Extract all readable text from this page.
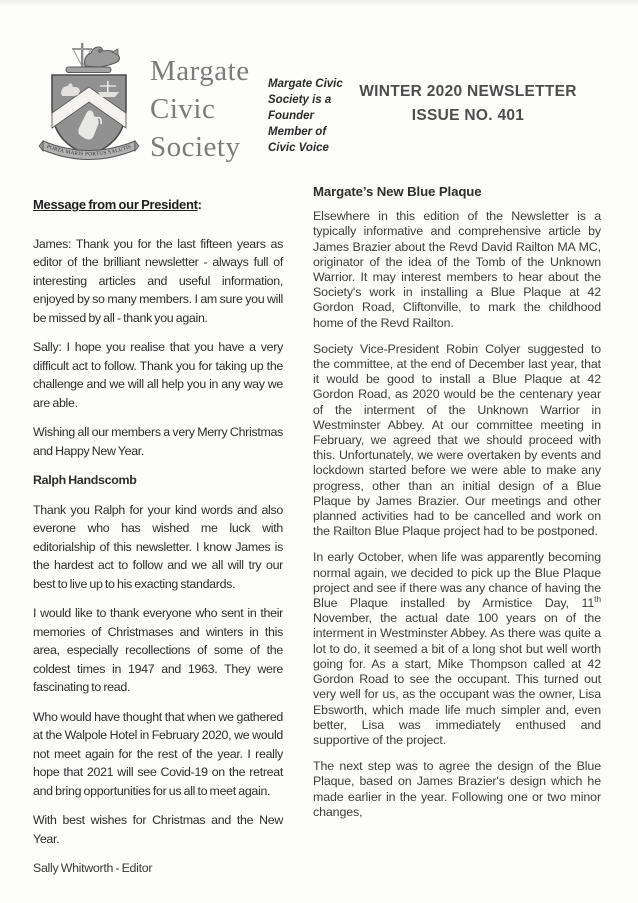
PORTA MARIS PORTUS SALUTIS
Margate
Civic
Society
Margate Civic
Society is a
Founder
Member of
Civic Voice
WINTER 2020 NEWSLETTER
ISSUE NO. 401
Message from our President:

James: Thank you for the last fifteen years as editor of the brilliant newsletter - always full of interesting articles and useful information, enjoyed by so many members. I am sure you will be missed by all - thank you again.

Sally: I hope you realise that you have a very difficult act to follow. Thank you for taking up the challenge and we will all help you in any way we are able.

Wishing all our members a very Merry Christmas and Happy New Year.

Ralph Handscomb

Thank you Ralph for your kind words and also everone who has wished me luck with editorialship of this newsletter. I know James is the hardest act to follow and we all will try our best to live up to his exacting standards.

I would like to thank everyone who sent in their memories of Christmases and winters in this area, especially recollections of some of the coldest times in 1947 and 1963. They were fascinating to read.

Who would have thought that when we gathered at the Walpole Hotel in February 2020, we would not meet again for the rest of the year. I really hope that 2021 will see Covid-19 on the retreat and bring opportunities for us all to meet again.

With best wishes for Christmas and the New Year.

Sally Whitworth - Editor

Margate’s New Blue Plaque

Elsewhere in this edition of the Newsletter is a typically informative and comprehensive article by James Brazier about the Revd David Railton MA MC, originator of the idea of the Tomb of the Unknown Warrior. It may interest members to hear about the Society's work in installing a Blue Plaque at 42 Gordon Road, Cliftonville, to mark the childhood home of the Revd Railton.

Society Vice-President Robin Colyer suggested to the committee, at the end of December last year, that it would be good to install a Blue Plaque at 42 Gordon Road, as 2020 would be the centenary year of the interment of the Unknown Warrior in Westminster Abbey. At our committee meeting in February, we agreed that we should proceed with this. Unfortunately, we were overtaken by events and lockdown started before we were able to make any progress, other than an initial design of a Blue Plaque by James Brazier. Our meetings and other planned activities had to be cancelled and work on the Railton Blue Plaque project had to be postponed.

In early October, when life was apparently becoming normal again, we decided to pick up the Blue Plaque project and see if there was any chance of having the Blue Plaque installed by Armistice Day, 11th November, the actual date 100 years on of the interment in Westminster Abbey. As there was quite a lot to do, it seemed a bit of a long shot but well worth going for. As a start, Mike Thompson called at 42 Gordon Road to see the occupant. This turned out very well for us, as the occupant was the owner, Lisa Ebsworth, which made life much simpler and, even better, Lisa was immediately enthused and supportive of the project.

The next step was to agree the design of the Blue Plaque, based on James Brazier's design which he made earlier in the year. Following one or two minor changes,
